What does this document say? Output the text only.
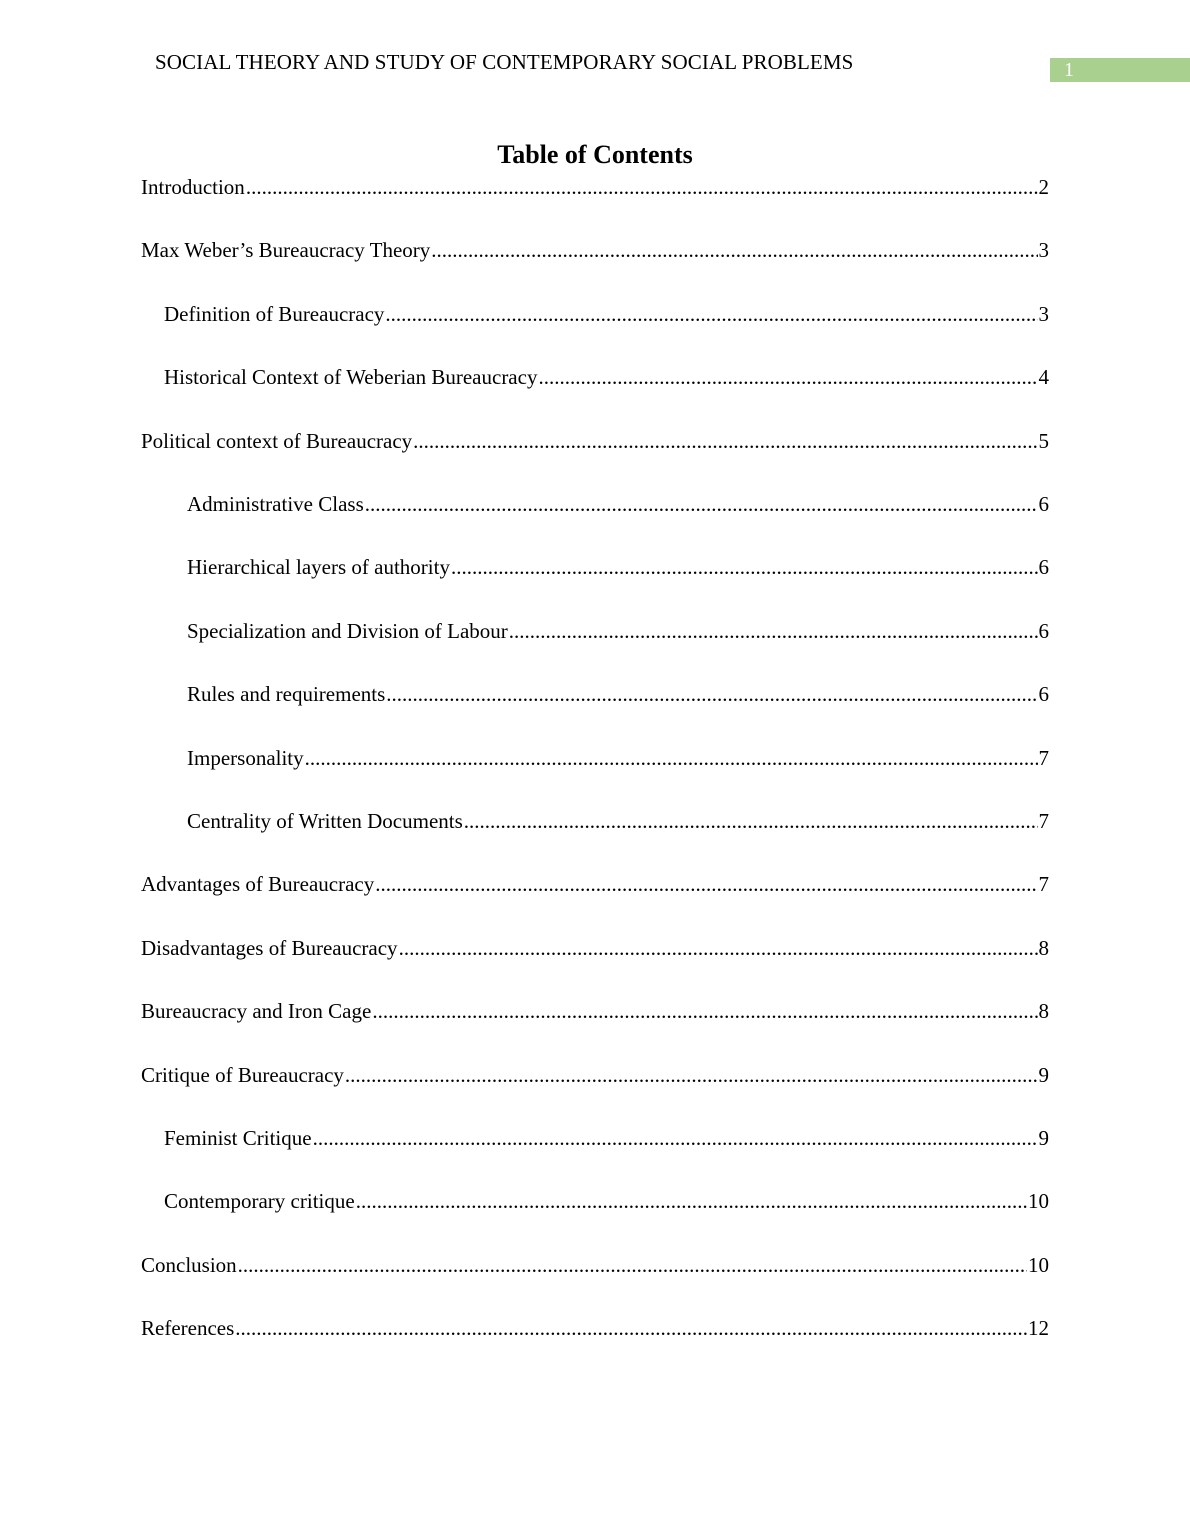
SOCIAL THEORY AND STUDY OF CONTEMPORARY SOCIAL PROBLEMS	1
Table of Contents
Introduction .....	2
Max Weber’s Bureaucracy Theory .....	3
Definition of Bureaucracy .....	3
Historical Context of Weberian Bureaucracy .....	4
Political context of Bureaucracy .....	5
Administrative Class .....	6
Hierarchical layers of authority .....	6
Specialization and Division of Labour .....	6
Rules and requirements .....	6
Impersonality .....	7
Centrality of Written Documents .....	7
Advantages of Bureaucracy .....	7
Disadvantages of Bureaucracy .....	8
Bureaucracy and Iron Cage .....	8
Critique of Bureaucracy .....	9
Feminist Critique .....	9
Contemporary critique .....	10
Conclusion .....	10
References .....	12
